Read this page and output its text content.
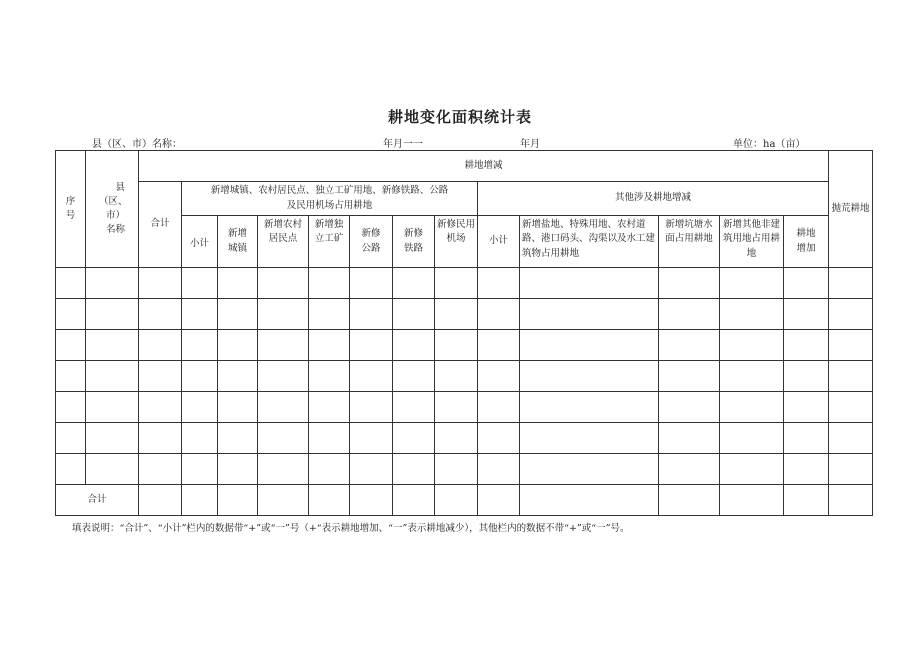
耕地变化面积统计表
县（区、市）名称：	年月一一	年月	单位：ha（亩）
序号	县（区、市）名称	耕地增减													抛荒耕地
		合计	新增城镇、农村居民点、独立工矿用地、新修铁路、公路及民用机场占用耕地							其他涉及耕地增减					
			小计	新增城镇	新增农村居民点	新增独立工矿	新修公路	新修铁路	新修民用机场	小计	新增盐地、特殊用地、农村道路、港口码头、沟渠以及水工建筑物占用耕地	新增坑塘水面占用耕地	新增其他非建筑用地占用耕地	耕地增加	

合计															
填表说明：“合计”、“小计”栏内的数据带“+”或“一”号（+“表示耕地增加、“一”表示耕地减少），其他栏内的数据不带“+”或“一”号。
